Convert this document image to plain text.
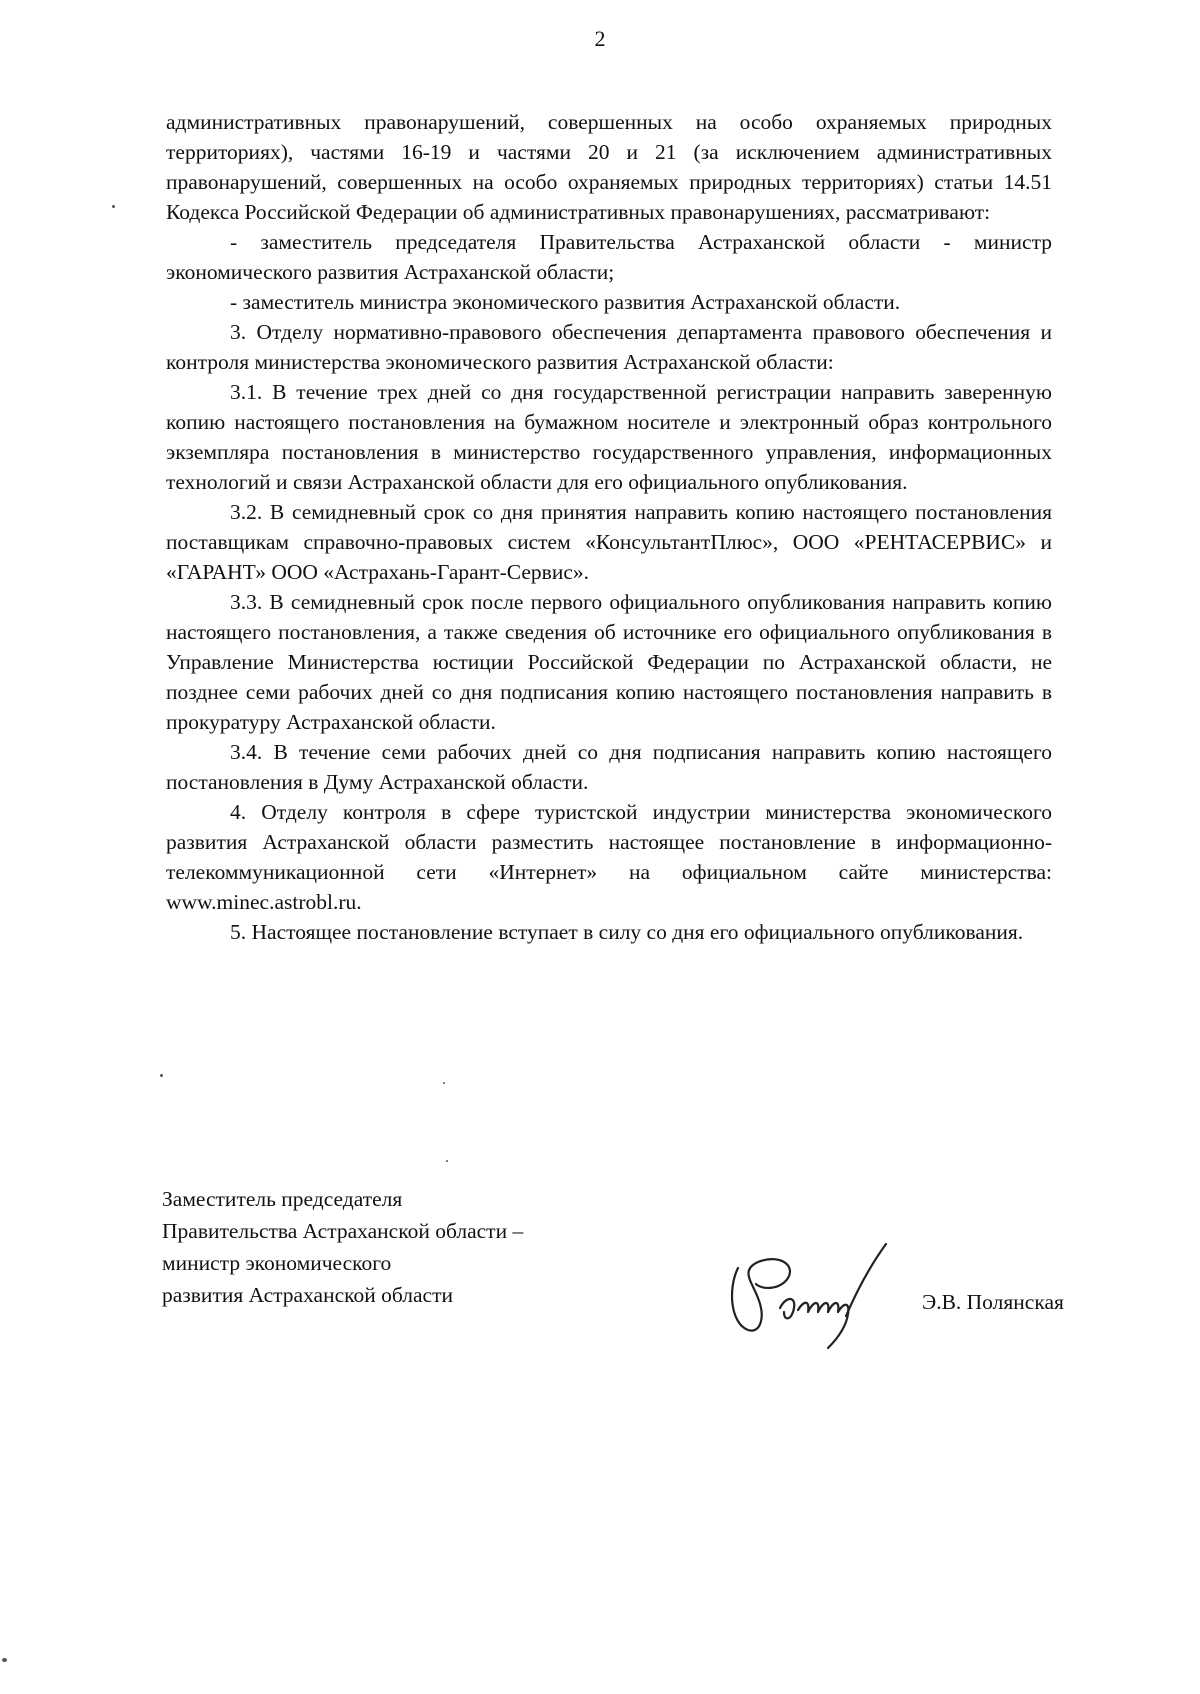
2

административных правонарушений, совершенных на особо охраняемых природных территориях), частями 16-19 и частями 20 и 21 (за исключением административных правонарушений, совершенных на особо охраняемых природных территориях) статьи 14.51 Кодекса Российской Федерации об административных правонарушениях, рассматривают:

- заместитель председателя Правительства Астраханской области - министр экономического развития Астраханской области;

- заместитель министра экономического развития Астраханской области.

3. Отделу нормативно-правового обеспечения департамента правового обеспечения и контроля министерства экономического развития Астраханской области:

3.1. В течение трех дней со дня государственной регистрации направить заверенную копию настоящего постановления на бумажном носителе и электронный образ контрольного экземпляра постановления в министерство государственного управления, информационных технологий и связи Астраханской области для его официального опубликования.

3.2. В семидневный срок со дня принятия направить копию настоящего постановления поставщикам справочно-правовых систем «КонсультантПлюс», ООО «РЕНТАСЕРВИС» и «ГАРАНТ» ООО «Астрахань-Гарант-Сервис».

3.3. В семидневный срок после первого официального опубликования направить копию настоящего постановления, а также сведения об источнике его официального опубликования в Управление Министерства юстиции Российской Федерации по Астраханской области, не позднее семи рабочих дней со дня подписания копию настоящего постановления направить в прокуратуру Астраханской области.

3.4. В течение семи рабочих дней со дня подписания направить копию настоящего постановления в Думу Астраханской области.

4. Отделу контроля в сфере туристской индустрии министерства экономического развития Астраханской области разместить настоящее постановление в информационно-телекоммуникационной сети «Интернет» на официальном сайте министерства: www.minec.astrobl.ru.

5. Настоящее постановление вступает в силу со дня его официального опубликования.

Заместитель председателя
Правительства Астраханской области –
министр экономического
развития Астраханской области	Э.В. Полянская
